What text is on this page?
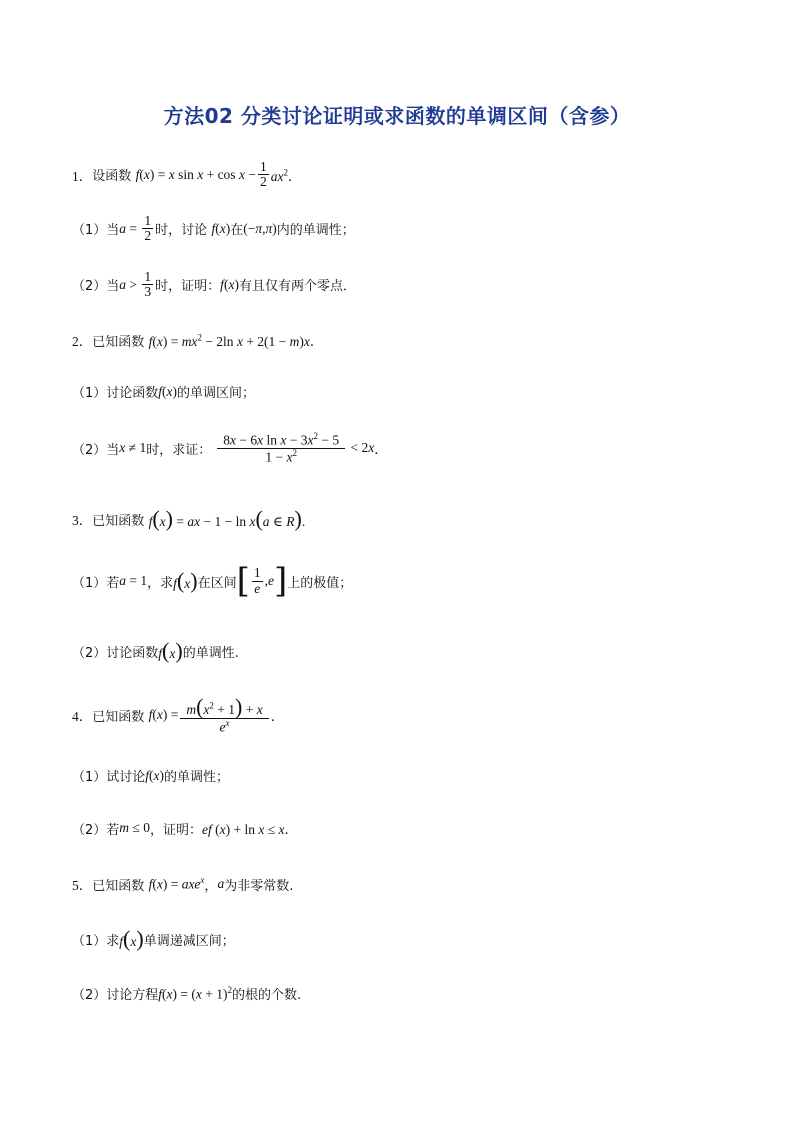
方法02 分类讨论证明或求函数的单调区间（含参）
1． 设函数 f(x) = x $\sin x + \cos x - \frac{1}{2} ax^2$．
（1）当 $a = \frac{1}{2}$ 时，讨论 f(x) 在 (− π , π ) 内的单调性；
（2）当 $a > \frac{1}{3}$ 时，证明： f(x) 有且仅有两个零点．
2． 已知函数 $f(x) = mx^2 - 2\ln$ x + 2(1 − m)x．
（1）讨论函数 f(x) 的单调区间；
（2）当 x ≠ 1 时，求证： $\frac{8x - 6x \ln x - 3x^2 - 5}{1 - x^2} < 2$ x ．
3． 已知函数 f(x) = ax − 1 − ln x(a ∈ R).
（1）若 a = 1 ，求 f(x) 在区间 [ $\frac{1}{e}$ , e ] 上的极值；
（2）讨论函数 f(x) 的单调性.
4． 已知函数 $f(x) = \frac{m(x^2 + 1) + x}{e^x}$ ．
（1）试讨论 f(x) 的单调性；
（2）若 m ≤ 0 ，证明： ef (x) + ln x ≤ x．
5． 已知函数 f(x) = axe$^x$ ， a 为非零常数.
（1）求 f(x) 单调递减区间；
（2）讨论方程 $f(x) = (x + 1)^2$ 的根的个数.
